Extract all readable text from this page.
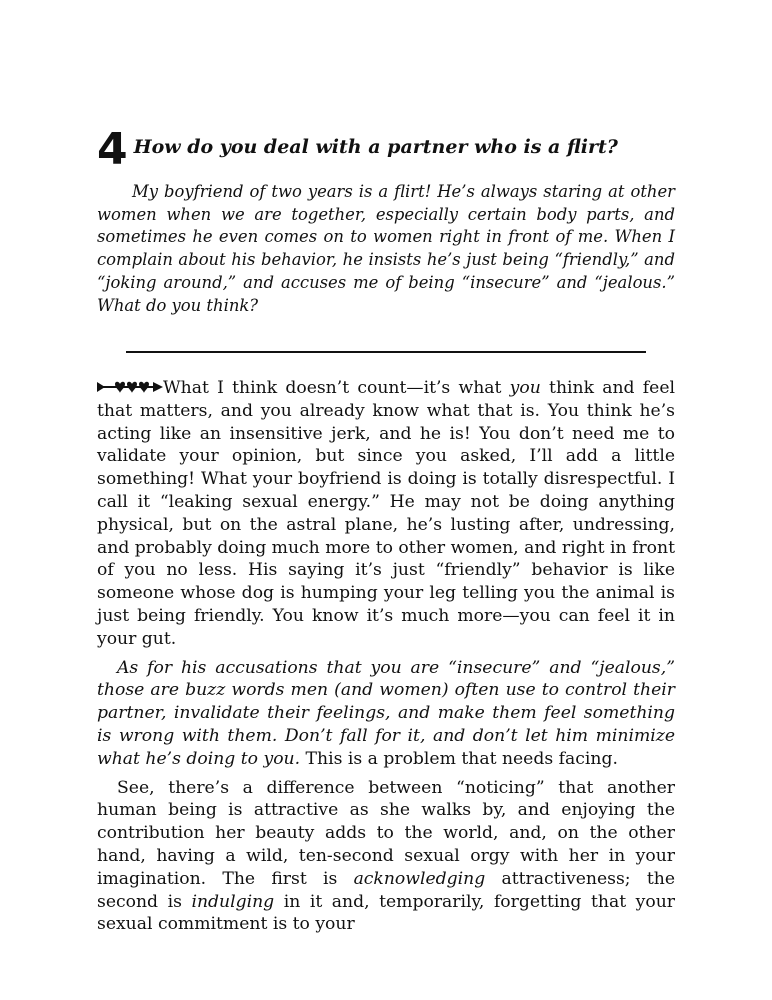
4 How do you deal with a partner who is a flirt?

My boyfriend of two years is a flirt! He’s always staring at other women when we are together, especially certain body parts, and sometimes he even comes on to women right in front of me. When I complain about his behavior, he insists he’s just being “friendly,” and “joking around,” and accuses me of being “insecure” and “jealous.” What do you think?

What I think doesn’t count—it’s what you think and feel that matters, and you already know what that is. You think he’s acting like an insensitive jerk, and he is! You don’t need me to validate your opinion, but since you asked, I’ll add a little something! What your boyfriend is doing is totally disrespectful. I call it “leaking sexual energy.” He may not be doing anything physical, but on the astral plane, he’s lusting after, undressing, and probably doing much more to other women, and right in front of you no less. His saying it’s just “friendly” behavior is like someone whose dog is humping your leg telling you the animal is just being friendly. You know it’s much more—you can feel it in your gut.

As for his accusations that you are “insecure” and “jealous,” those are buzz words men (and women) often use to control their partner, invalidate their feelings, and make them feel something is wrong with them. Don’t fall for it, and don’t let him minimize what he’s doing to you. This is a problem that needs facing.

See, there’s a difference between “noticing” that another human being is attractive as she walks by, and enjoying the contribution her beauty adds to the world, and, on the other hand, having a wild, ten-second sexual orgy with her in your imagination. The first is acknowledging attractiveness; the second is indulging in it and, temporarily, forgetting that your sexual commitment is to your
